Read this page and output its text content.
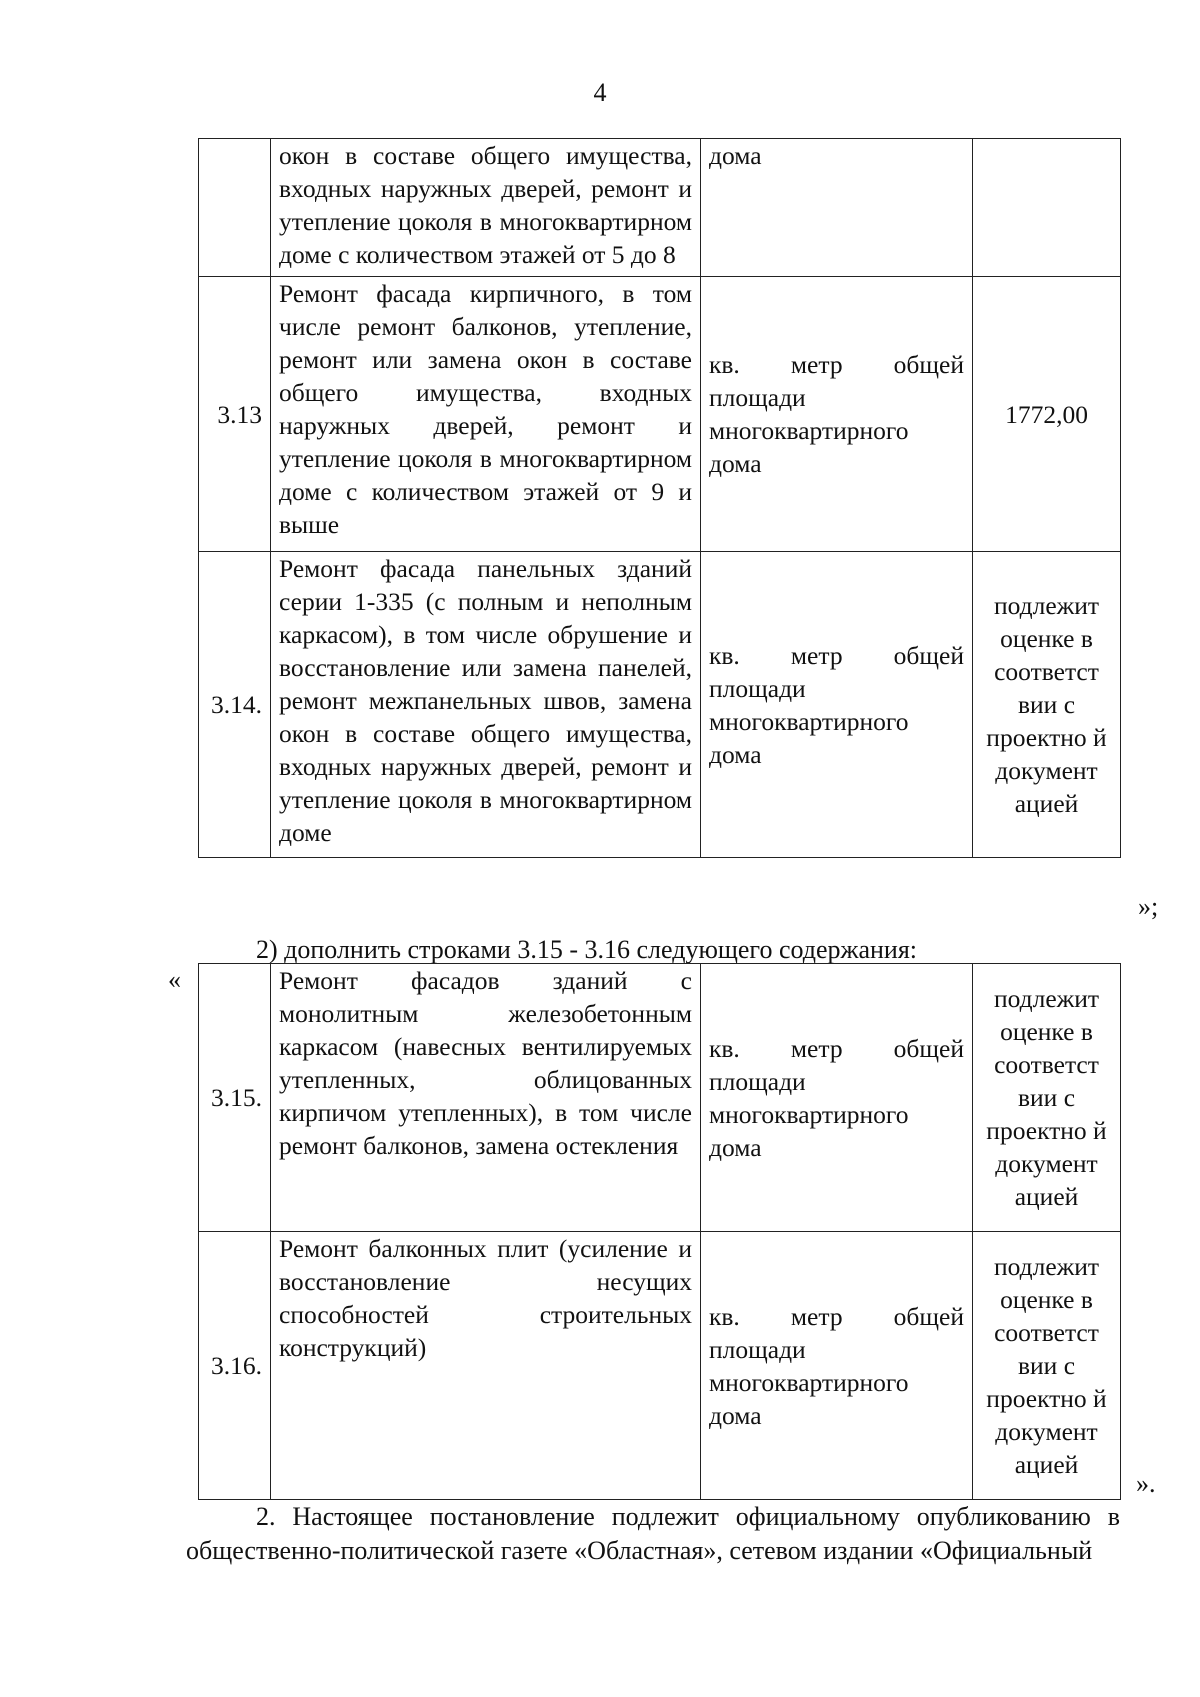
4
	окон в составе общего имущества, входных наружных дверей, ремонт и утепление цоколя в многоквартирном доме с количеством этажей от 5 до 8	дома	
3.13	Ремонт фасада кирпичного, в том числе ремонт балконов, утепление, ремонт или замена окон в составе общего имущества, входных наружных дверей, ремонт и утепление цоколя в многоквартирном доме с количеством этажей от 9 и выше	кв. метр общей площади многоквартирного дома	1772,00
3.14.	Ремонт фасада панельных зданий серии 1-335 (с полным и неполным каркасом), в том числе обрушение и восстановление или замена панелей, ремонт межпанельных швов, замена окон в составе общего имущества, входных наружных дверей, ремонт и утепление цоколя в многоквартирном доме	кв. метр общей площади многоквартирного дома	подлежит оценке в соответст вии с проектно й документ ацией
»;
2) дополнить строками 3.15 - 3.16 следующего содержания:
«
3.15.	Ремонт фасадов зданий с монолитным железобетонным каркасом (навесных вентилируемых утепленных, облицованных кирпичом утепленных), в том числе ремонт балконов, замена остекления	кв. метр общей площади многоквартирного дома	подлежит оценке в соответст вии с проектно й документ ацией
3.16.	Ремонт балконных плит (усиление и восстановление несущих способностей строительных конструкций)	кв. метр общей площади многоквартирного дома	подлежит оценке в соответст вии с проектно й документ ацией
».
2. Настоящее постановление подлежит официальному опубликованию в общественно-политической газете «Областная», сетевом издании «Официальный
